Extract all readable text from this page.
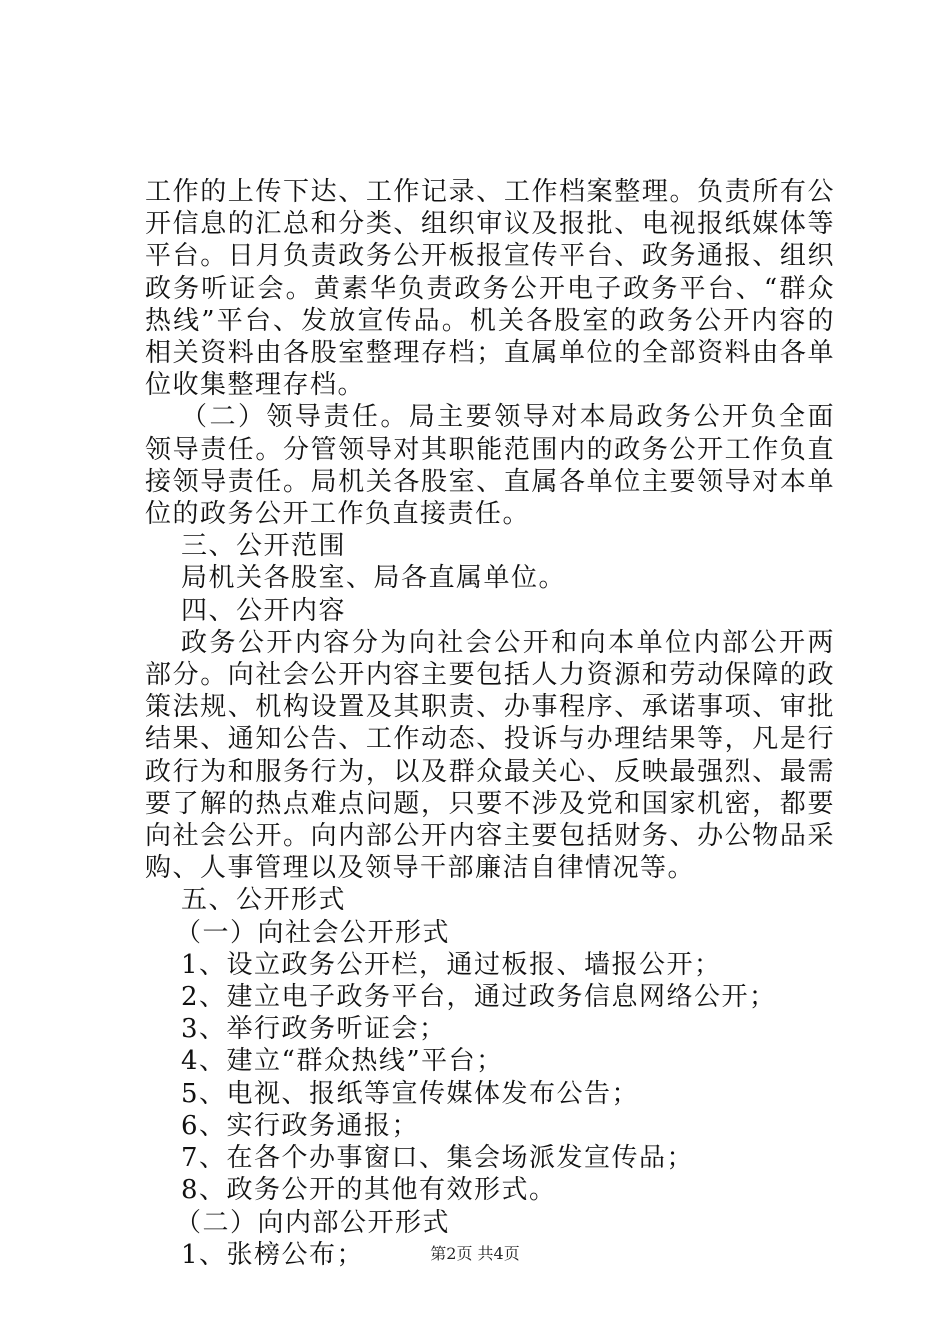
工作的上传下达、工作记录、工作档案整理。负责所有公开信息的汇总和分类、组织审议及报批、电视报纸媒体等平台。日月负责政务公开板报宣传平台、政务通报、组织政务听证会。黄素华负责政务公开电子政务平台、“群众热线”平台、发放宣传品。机关各股室的政务公开内容的相关资料由各股室整理存档；直属单位的全部资料由各单位收集整理存档。

（二）领导责任。局主要领导对本局政务公开负全面领导责任。分管领导对其职能范围内的政务公开工作负直接领导责任。局机关各股室、直属各单位主要领导对本单位的政务公开工作负直接责任。

三、公开范围

局机关各股室、局各直属单位。

四、公开内容

政务公开内容分为向社会公开和向本单位内部公开两部分。向社会公开内容主要包括人力资源和劳动保障的政策法规、机构设置及其职责、办事程序、承诺事项、审批结果、通知公告、工作动态、投诉与办理结果等，凡是行政行为和服务行为，以及群众最关心、反映最强烈、最需要了解的热点难点问题，只要不涉及党和国家机密，都要向社会公开。向内部公开内容主要包括财务、办公物品采购、人事管理以及领导干部廉洁自律情况等。

五、公开形式

（一）向社会公开形式

1、设立政务公开栏，通过板报、墙报公开；

2、建立电子政务平台，通过政务信息网络公开；

3、举行政务听证会；

4、建立“群众热线”平台；

5、电视、报纸等宣传媒体发布公告；

6、实行政务通报；

7、在各个办事窗口、集会场派发宣传品；

8、政务公开的其他有效形式。

（二）向内部公开形式

1、张榜公布；	第2页 共4页
